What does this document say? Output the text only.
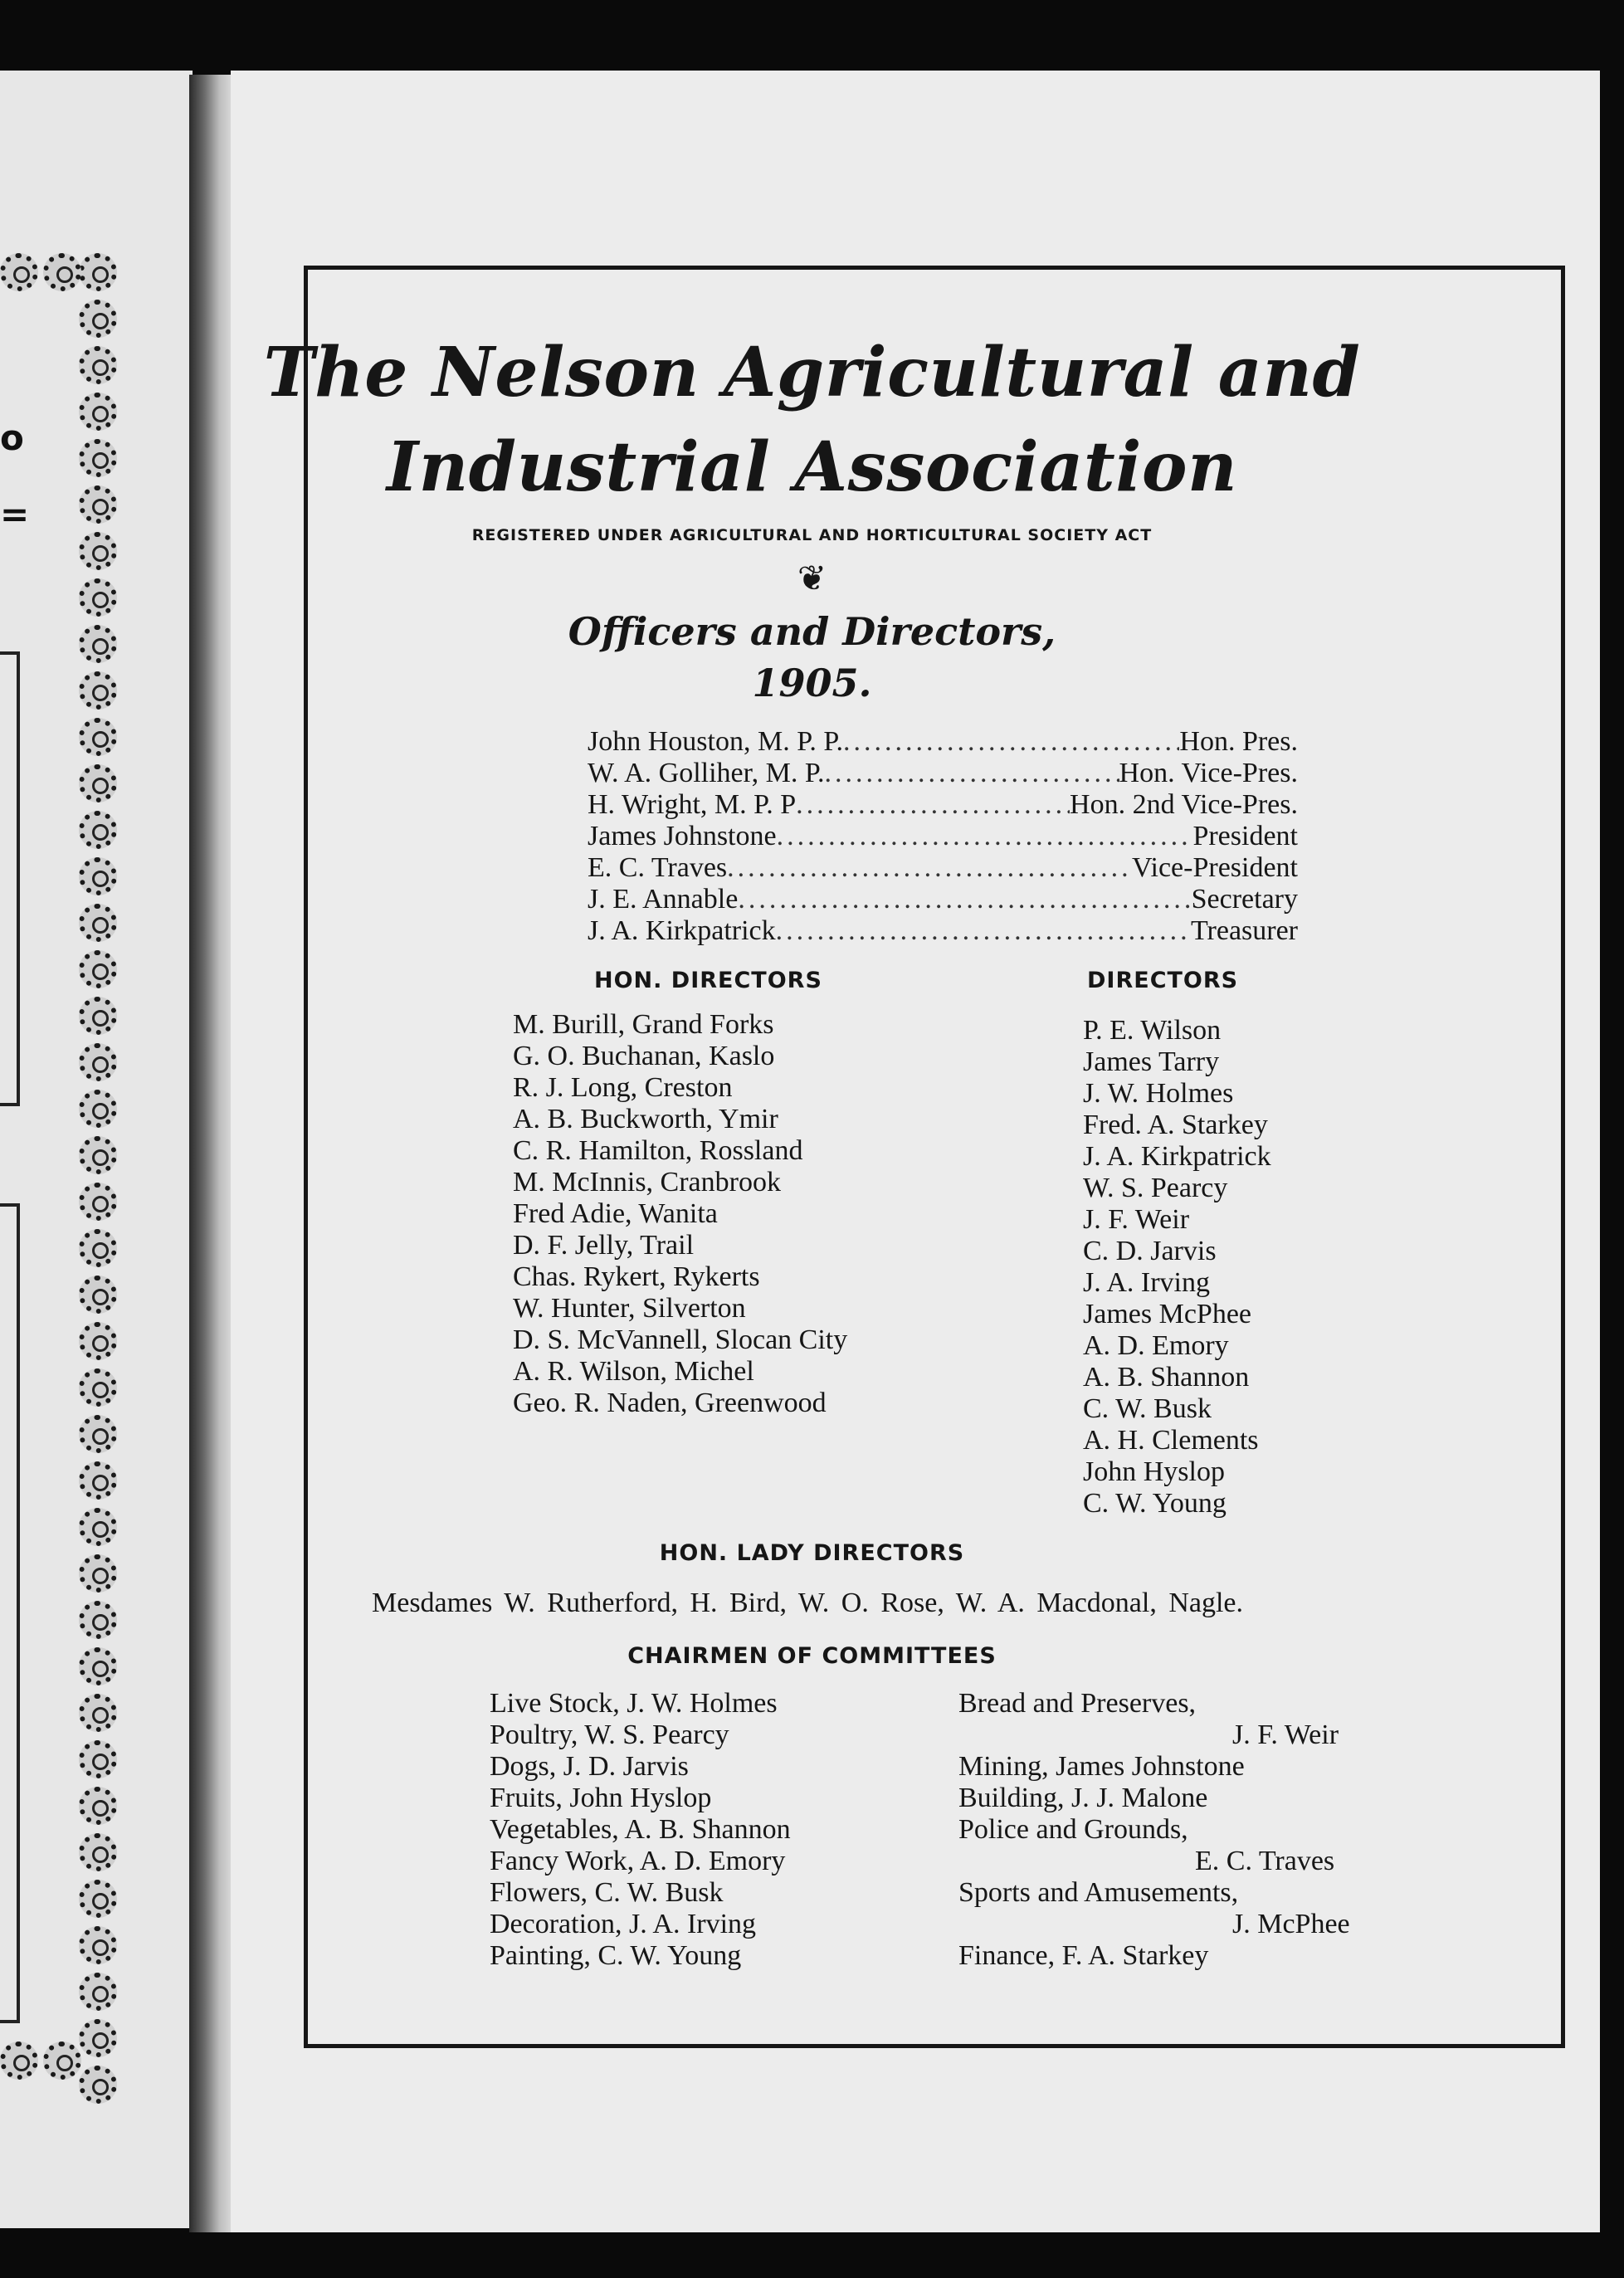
o
=
The Nelson Agricultural and
Industrial Association
REGISTERED UNDER AGRICULTURAL AND HORTICULTURAL SOCIETY ACT
❦
Officers and Directors,
1905.
John Houston, M. P. P. .....	Hon. Pres.
W. A. Golliher, M. P. .....	Hon. Vice-Pres.
H. Wright, M. P. P .....	Hon. 2nd Vice-Pres.
James Johnstone .....	President
E. C. Traves .....	Vice-President
J. E. Annable .....	Secretary
J. A. Kirkpatrick .....	Treasurer
HON. DIRECTORS	DIRECTORS
M. Burill, Grand Forks
G. O. Buchanan, Kaslo
R. J. Long, Creston
A. B. Buckworth, Ymir
C. R. Hamilton, Rossland
M. McInnis, Cranbrook
Fred Adie, Wanita
D. F. Jelly, Trail
Chas. Rykert, Rykerts
W. Hunter, Silverton
D. S. McVannell, Slocan City
A. R. Wilson, Michel
Geo. R. Naden, Greenwood
P. E. Wilson
James Tarry
J. W. Holmes
Fred. A. Starkey
J. A. Kirkpatrick
W. S. Pearcy
J. F. Weir
C. D. Jarvis
J. A. Irving
James McPhee
A. D. Emory
A. B. Shannon
C. W. Busk
A. H. Clements
John Hyslop
C. W. Young
HON. LADY DIRECTORS
Mesdames W. Rutherford, H. Bird, W. O. Rose, W. A. Macdonal, Nagle.
CHAIRMEN OF COMMITTEES
Live Stock, J. W. Holmes
Poultry, W. S. Pearcy
Dogs, J. D. Jarvis
Fruits, John Hyslop
Vegetables, A. B. Shannon
Fancy Work, A. D. Emory
Flowers, C. W. Busk
Decoration, J. A. Irving
Painting, C. W. Young
Bread and Preserves,
J. F. Weir
Mining, James Johnstone
Building, J. J. Malone
Police and Grounds,
E. C. Traves
Sports and Amusements,
J. McPhee
Finance, F. A. Starkey
